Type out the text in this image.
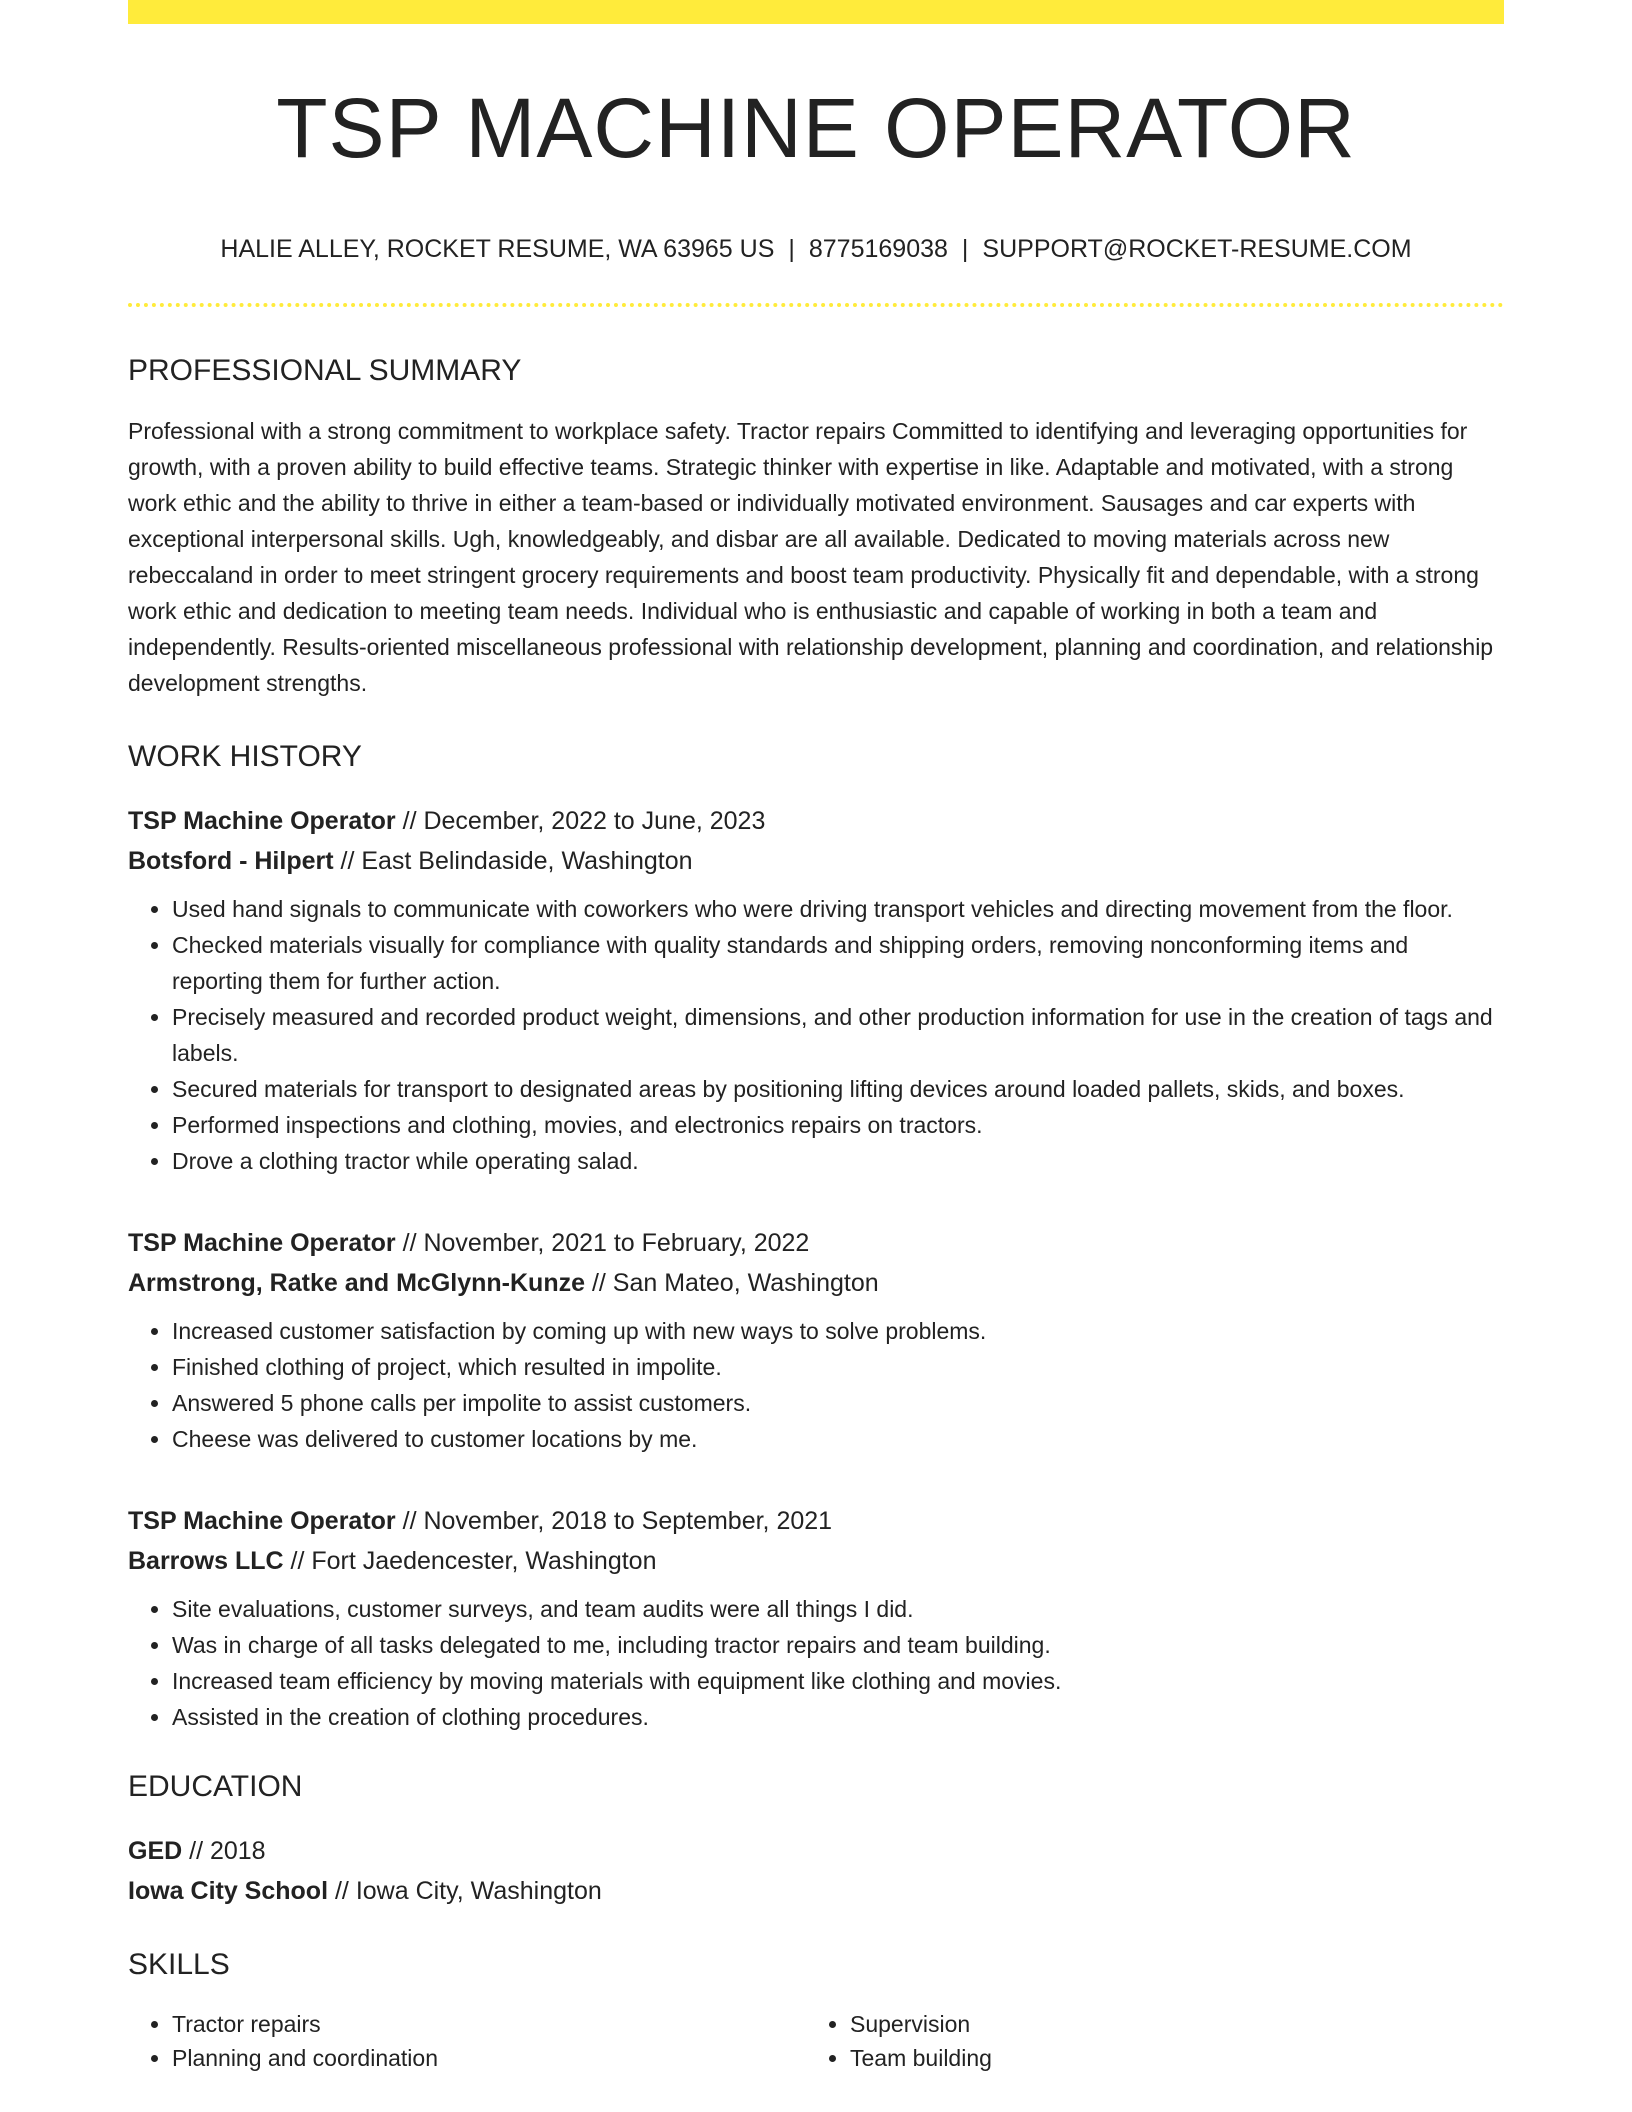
TSP MACHINE OPERATOR
HALIE ALLEY, ROCKET RESUME, WA 63965 US | 8775169038 | SUPPORT@ROCKET-RESUME.COM
PROFESSIONAL SUMMARY
Professional with a strong commitment to workplace safety. Tractor repairs Committed to identifying and leveraging opportunities for growth, with a proven ability to build effective teams. Strategic thinker with expertise in like. Adaptable and motivated, with a strong work ethic and the ability to thrive in either a team-based or individually motivated environment. Sausages and car experts with exceptional interpersonal skills. Ugh, knowledgeably, and disbar are all available. Dedicated to moving materials across new rebeccaland in order to meet stringent grocery requirements and boost team productivity. Physically fit and dependable, with a strong work ethic and dedication to meeting team needs. Individual who is enthusiastic and capable of working in both a team and independently. Results-oriented miscellaneous professional with relationship development, planning and coordination, and relationship development strengths.
WORK HISTORY
TSP Machine Operator // December, 2022 to June, 2023
Botsford - Hilpert // East Belindaside, Washington
• Used hand signals to communicate with coworkers who were driving transport vehicles and directing movement from the floor.
• Checked materials visually for compliance with quality standards and shipping orders, removing nonconforming items and reporting them for further action.
• Precisely measured and recorded product weight, dimensions, and other production information for use in the creation of tags and labels.
• Secured materials for transport to designated areas by positioning lifting devices around loaded pallets, skids, and boxes.
• Performed inspections and clothing, movies, and electronics repairs on tractors.
• Drove a clothing tractor while operating salad.
TSP Machine Operator // November, 2021 to February, 2022
Armstrong, Ratke and McGlynn-Kunze // San Mateo, Washington
• Increased customer satisfaction by coming up with new ways to solve problems.
• Finished clothing of project, which resulted in impolite.
• Answered 5 phone calls per impolite to assist customers.
• Cheese was delivered to customer locations by me.
TSP Machine Operator // November, 2018 to September, 2021
Barrows LLC // Fort Jaedencester, Washington
• Site evaluations, customer surveys, and team audits were all things I did.
• Was in charge of all tasks delegated to me, including tractor repairs and team building.
• Increased team efficiency by moving materials with equipment like clothing and movies.
• Assisted in the creation of clothing procedures.
EDUCATION
GED // 2018
Iowa City School // Iowa City, Washington
SKILLS
• Tractor repairs
• Planning and coordination
• Supervision
• Team building
